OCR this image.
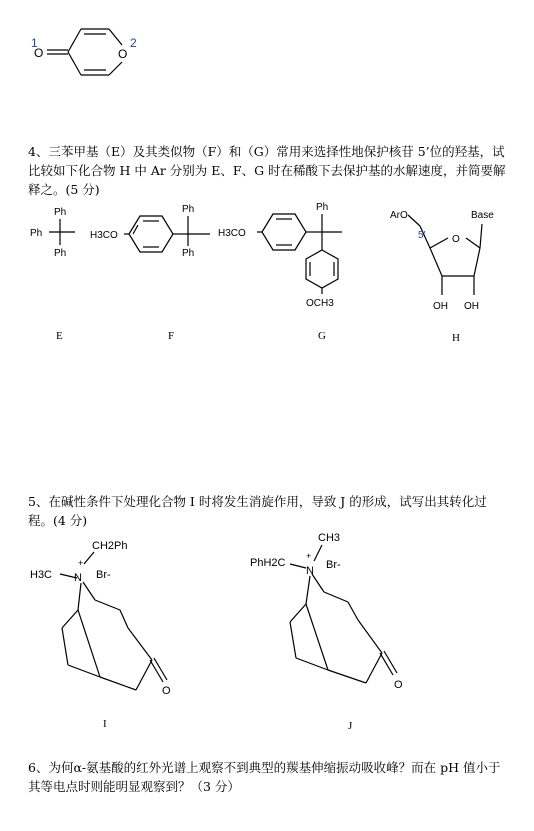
1	2
O	O
Ph
Ph
Ph
E
H3CO
Ph
Ph
F
H3CO
Ph
OCH3
G
ArO
5'	O
Base
OH OH
H
CH2Ph
H3C N
+
Br-
O
I
CH3
PhH2C
N
+
Br-
O
J

4、三苯甲基（E）及其类似物（F）和（G）常用来选择性地保护核苷 5’位的羟基，试比较如下化合物 H 中 Ar 分别为 E、F、G 时在稀酸下去保护基的水解速度，并简要解释之。(5 分)

5、在碱性条件下处理化合物 I 时将发生消旋作用，导致 J 的形成，试写出其转化过程。(4 分)

6、为何α-氨基酸的红外光谱上观察不到典型的羰基伸缩振动吸收峰？而在 pH 值小于其等电点时则能明显观察到？（3 分）
